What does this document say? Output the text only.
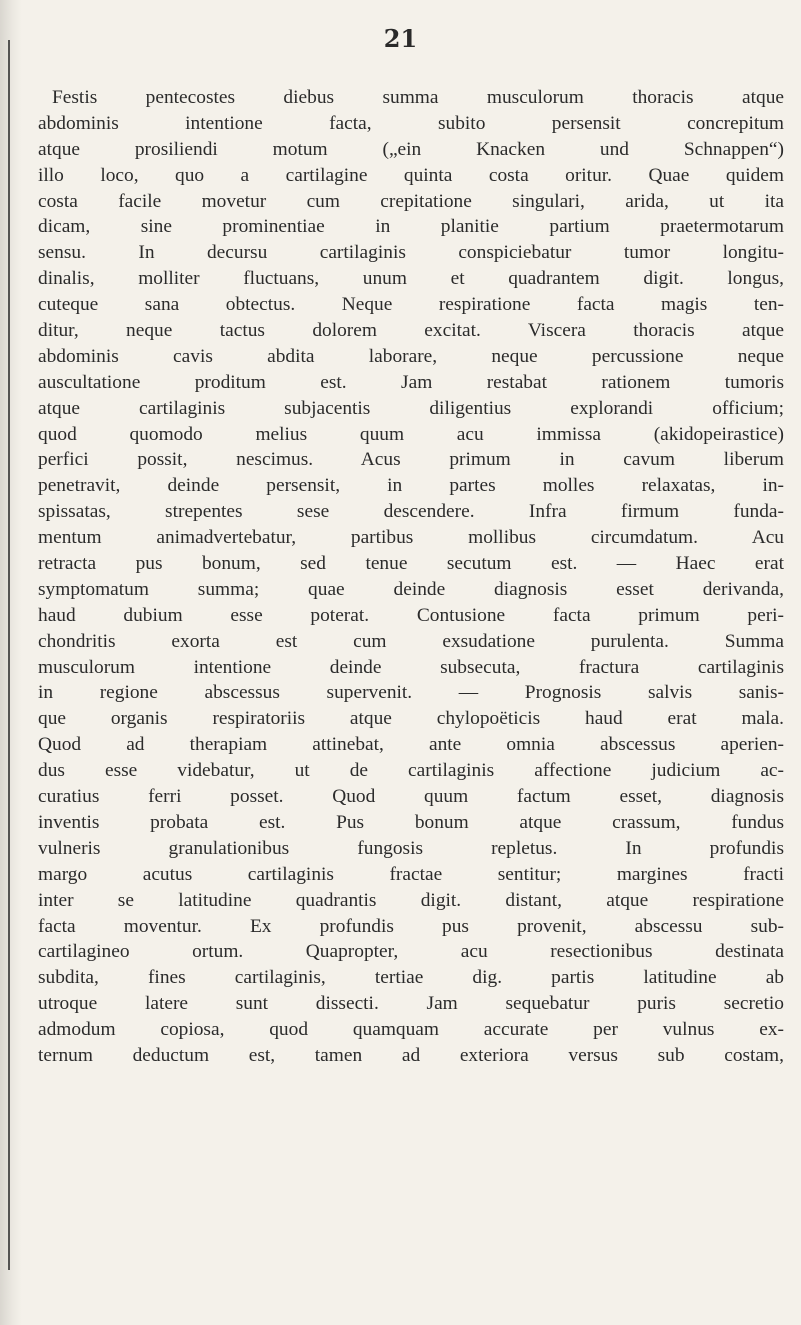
21
Festis pentecostes diebus summa musculorum thoracis atque
abdominis intentione facta, subito persensit concrepitum
atque prosiliendi motum („ein Knacken und Schnappen“)
illo loco, quo a cartilagine quinta costa oritur. Quae quidem
costa facile movetur cum crepitatione singulari, arida, ut ita
dicam, sine prominentiae in planitie partium praetermotarum
sensu. In decursu cartilaginis conspiciebatur tumor longitu-
dinalis, molliter fluctuans, unum et quadrantem digit. longus,
cuteque sana obtectus. Neque respiratione facta magis ten-
ditur, neque tactus dolorem excitat. Viscera thoracis atque
abdominis cavis abdita laborare, neque percussione neque
auscultatione proditum est. Jam restabat rationem tumoris
atque cartilaginis subjacentis diligentius explorandi officium;
quod quomodo melius quum acu immissa (akidopeirastice)
perfici possit, nescimus. Acus primum in cavum liberum
penetravit, deinde persensit, in partes molles relaxatas, in-
spissatas, strepentes sese descendere. Infra firmum funda-
mentum animadvertebatur, partibus mollibus circumdatum. Acu
retracta pus bonum, sed tenue secutum est. — Haec erat
symptomatum summa; quae deinde diagnosis esset derivanda,
haud dubium esse poterat. Contusione facta primum peri-
chondritis exorta est cum exsudatione purulenta. Summa
musculorum intentione deinde subsecuta, fractura cartilaginis
in regione abscessus supervenit. — Prognosis salvis sanis-
que organis respiratoriis atque chylopoëticis haud erat mala.
Quod ad therapiam attinebat, ante omnia abscessus aperien-
dus esse videbatur, ut de cartilaginis affectione judicium ac-
curatius ferri posset. Quod quum factum esset, diagnosis
inventis probata est. Pus bonum atque crassum, fundus
vulneris granulationibus fungosis repletus. In profundis
margo acutus cartilaginis fractae sentitur; margines fracti
inter se latitudine quadrantis digit. distant, atque respiratione
facta moventur. Ex profundis pus provenit, abscessu sub-
cartilagineo ortum. Quapropter, acu resectionibus destinata
subdita, fines cartilaginis, tertiae dig. partis latitudine ab
utroque latere sunt dissecti. Jam sequebatur puris secretio
admodum copiosa, quod quamquam accurate per vulnus ex-
ternum deductum est, tamen ad exteriora versus sub costam,
